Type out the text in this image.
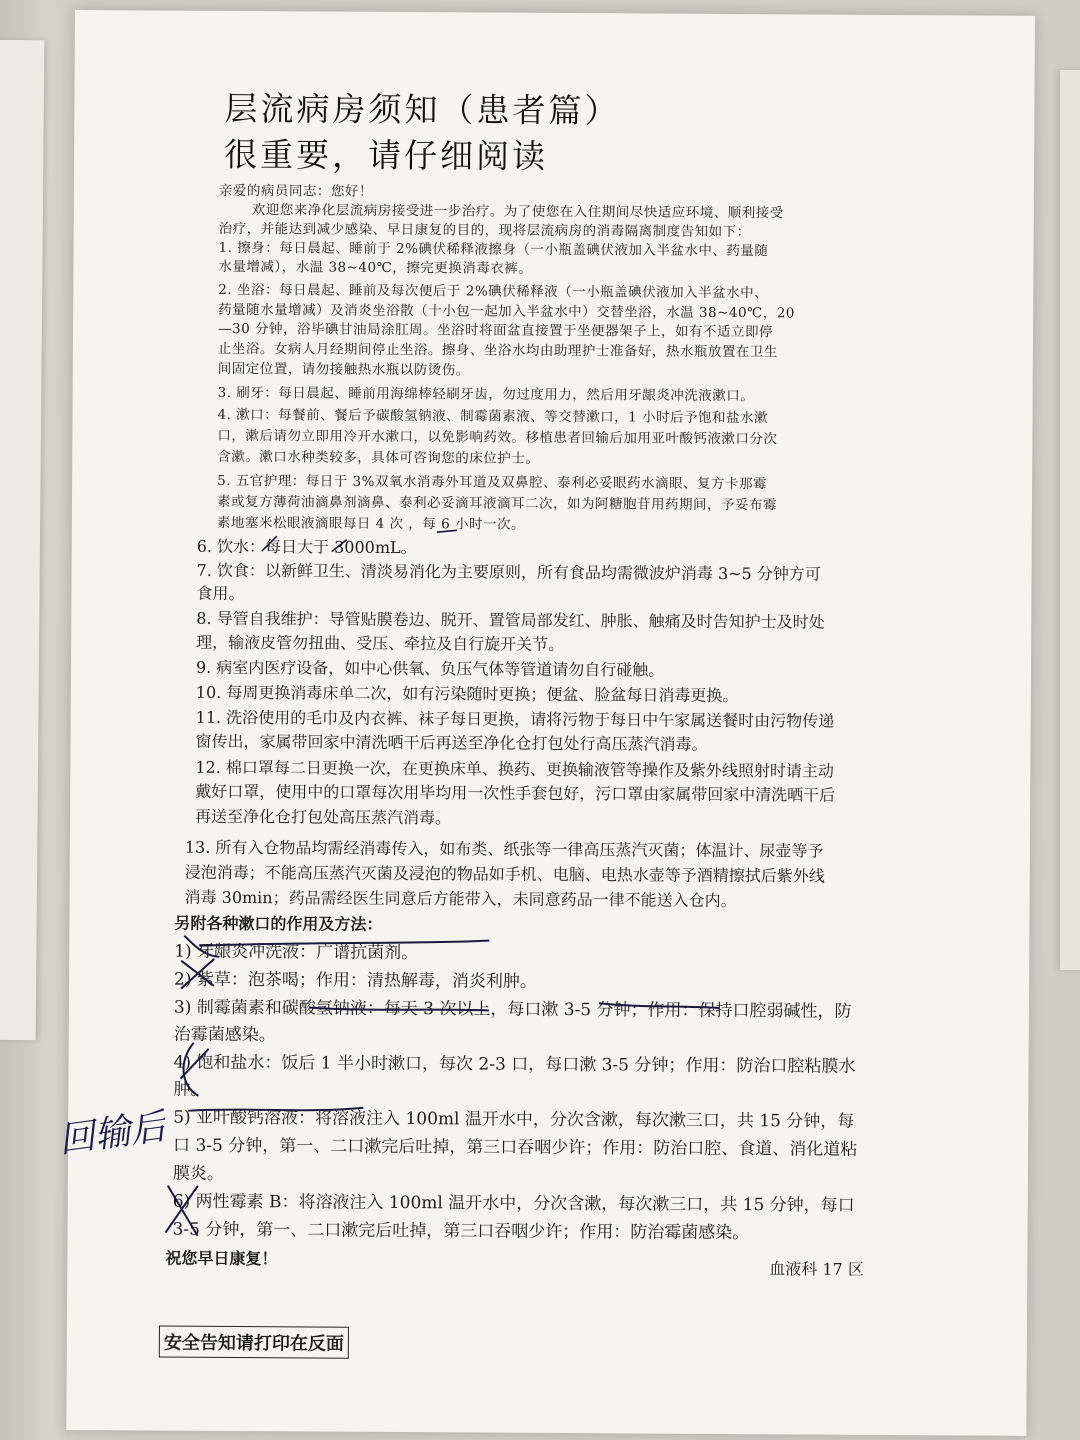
层流病房须知（患者篇）
很重要，请仔细阅读
亲爱的病员同志：您好！
欢迎您来净化层流病房接受进一步治疗。为了使您在入住期间尽快适应环境、顺利接受
治疗，并能达到减少感染、早日康复的目的，现将层流病房的消毒隔离制度告知如下：
1. 擦身：每日晨起、睡前于 2%碘伏稀释液擦身（一小瓶盖碘伏液加入半盆水中、药量随
水量增减），水温 38~40℃，擦完更换消毒衣裤。
2. 坐浴：每日晨起、睡前及每次便后于 2%碘伏稀释液（一小瓶盖碘伏液加入半盆水中、
药量随水量增减）及消炎坐浴散（十小包一起加入半盆水中）交替坐浴，水温 38~40℃，20
—30 分钟，浴毕碘甘油局涂肛周。坐浴时将面盆直接置于坐便器架子上，如有不适立即停
止坐浴。女病人月经期间停止坐浴。擦身、坐浴水均由助理护士准备好，热水瓶放置在卫生
间固定位置，请勿接触热水瓶以防烫伤。
3. 刷牙：每日晨起、睡前用海绵棒轻刷牙齿，勿过度用力，然后用牙龈炎冲洗液漱口。
4. 漱口：每餐前、餐后予碳酸氢钠液、制霉菌素液、等交替漱口，1 小时后予饱和盐水漱
口，漱后请勿立即用冷开水漱口，以免影响药效。移植患者回输后加用亚叶酸钙液漱口分次
含漱。漱口水种类较多，具体可咨询您的床位护士。
5. 五官护理：每日于 3%双氧水消毒外耳道及双鼻腔、泰利必妥眼药水滴眼、复方卡那霉
素或复方薄荷油滴鼻剂滴鼻、泰利必妥滴耳液滴耳二次，如为阿糖胞苷用药期间，予妥布霉
素地塞米松眼液滴眼每日 4 次 ，每 6 小时一次。
6. 饮水：每日大于 3000mL。
7. 饮食：以新鲜卫生、清淡易消化为主要原则，所有食品均需微波炉消毒 3~5 分钟方可
食用。
8. 导管自我维护：导管贴膜卷边、脱开、置管局部发红、肿胀、触痛及时告知护士及时处
理，输液皮管勿扭曲、受压、牵拉及自行旋开关节。
9. 病室内医疗设备，如中心供氧、负压气体等管道请勿自行碰触。
10. 每周更换消毒床单二次，如有污染随时更换；便盆、脸盆每日消毒更换。
11. 洗浴使用的毛巾及内衣裤、袜子每日更换，请将污物于每日中午家属送餐时由污物传递
窗传出，家属带回家中清洗晒干后再送至净化仓打包处行高压蒸汽消毒。
12. 棉口罩每二日更换一次，在更换床单、换药、更换输液管等操作及紫外线照射时请主动
戴好口罩，使用中的口罩每次用毕均用一次性手套包好，污口罩由家属带回家中清洗晒干后
再送至净化仓打包处高压蒸汽消毒。
13. 所有入仓物品均需经消毒传入，如布类、纸张等一律高压蒸汽灭菌；体温计、尿壶等予
浸泡消毒；不能高压蒸汽灭菌及浸泡的物品如手机、电脑、电热水壶等予酒精擦拭后紫外线
消毒 30min；药品需经医生同意后方能带入，未同意药品一律不能送入仓内。
另附各种漱口的作用及方法：
1) 牙龈炎冲洗液：广谱抗菌剂。
2) 紫草：泡茶喝；作用：清热解毒，消炎利肿。
3) 制霉菌素和碳酸氢钠液：每天 3 次以上，每口漱 3-5 分钟；作用：保持口腔弱碱性，防
治霉菌感染。
4) 饱和盐水：饭后 1 半小时漱口，每次 2-3 口，每口漱 3-5 分钟；作用：防治口腔粘膜水
肿。
5) 亚叶酸钙溶液：将溶液注入 100ml 温开水中，分次含漱，每次漱三口，共 15 分钟，每
口 3-5 分钟，第一、二口漱完后吐掉，第三口吞咽少许；作用：防治口腔、食道、消化道粘
膜炎。
6) 两性霉素 B：将溶液注入 100ml 温开水中，分次含漱，每次漱三口，共 15 分钟，每口
3-5 分钟，第一、二口漱完后吐掉，第三口吞咽少许；作用：防治霉菌感染。
祝您早日康复！
血液科 17 区
安全告知请打印在反面
回输后
